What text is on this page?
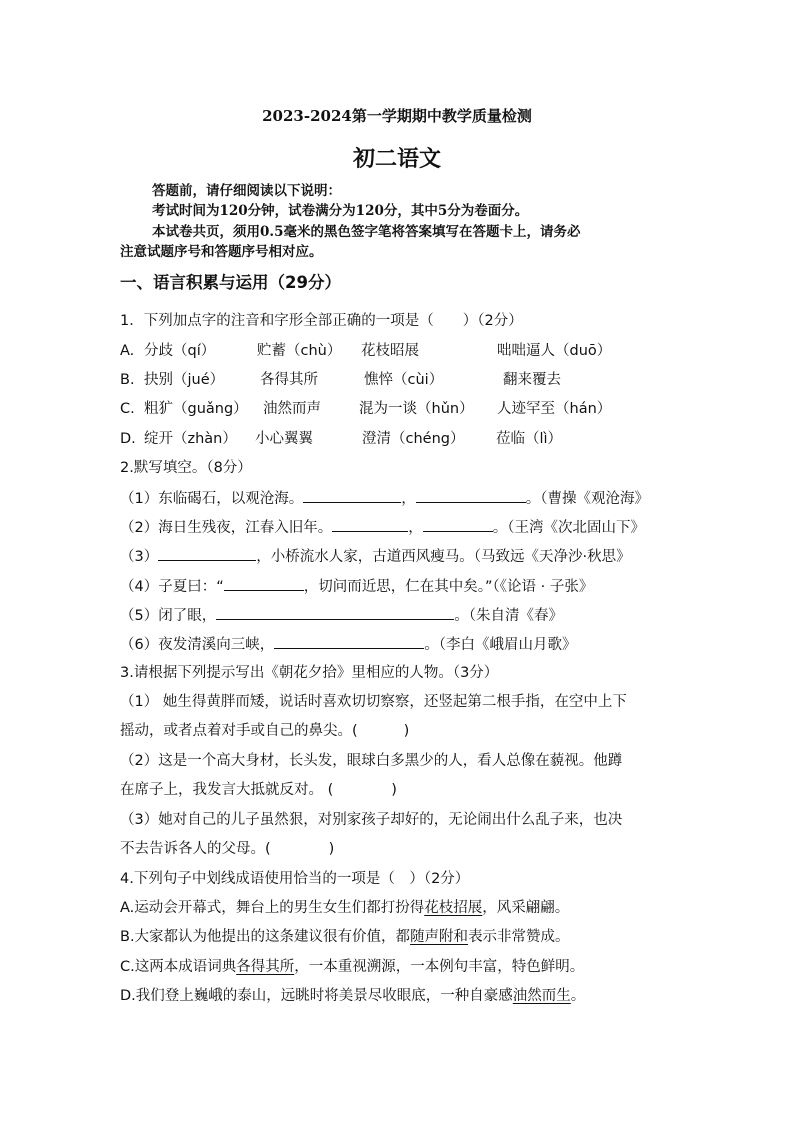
2023-2024第一学期期中教学质量检测
初二语文
答题前，请仔细阅读以下说明：
考试时间为120分钟，试卷满分为120分，其中5分为卷面分。
本试卷共页，须用0.5毫米的黑色签字笔将答案填写在答题卡上，请务必
注意试题序号和答题序号相对应。
一、语言积累与运用（29分）
1．下列加点字的注音和字形全部正确的一项是（　　）（2分）
A. 分歧（qí）	贮蓄（chù） 花枝昭展	咄咄逼人（duō）
B. 抉别（jué） 各得其所	憔悴（cùi）	翻来覆去
C. 粗犷（guǎng） 油然而声	混为一谈（hǔn） 人迹罕至（hán）
D. 绽开（zhàn） 小心翼翼	澄清（chéng） 莅临（lì）
2.默写填空。（8分）
（1）东临碣石，以观沧海。	，	。（曹操《观沧海》
（2）海日生残夜，江春入旧年。	，	。（王湾《次北固山下》
（3）	，小桥流水人家，古道西风瘦马。（马致远《天净沙·秋思》
（4）子夏曰：“	，切问而近思，仁在其中矣。”（《论语 · 子张》
（5）闭了眼，	。（朱自清《春》
（6）夜发清溪向三峡，	。（李白《峨眉山月歌》
3.请根据下列提示写出《朝花夕拾》里相应的人物。（3分）
（1） 她生得黄胖而矮，说话时喜欢切切察察，还竖起第二根手指，在空中上下
摇动，或者点着对手或自己的鼻尖。(	)
（2）这是一个高大身材，长头发，眼球白多黑少的人，看人总像在藐视。他蹲
在席子上，我发言大抵就反对。 (	)
（3）她对自己的儿子虽然狠，对别家孩子却好的，无论闹出什么乱子来，也决
不去告诉各人的父母。(	)
4.下列句子中划线成语使用恰当的一项是（　）（2分）
A.运动会开幕式，舞台上的男生女生们都打扮得花枝招展，风采翩翩。
B.大家都认为他提出的这条建议很有价值，都随声附和表示非常赞成。
C.这两本成语词典各得其所，一本重视溯源，一本例句丰富，特色鲜明。
D.我们登上巍峨的泰山，远眺时将美景尽收眼底，一种自豪感油然而生。
